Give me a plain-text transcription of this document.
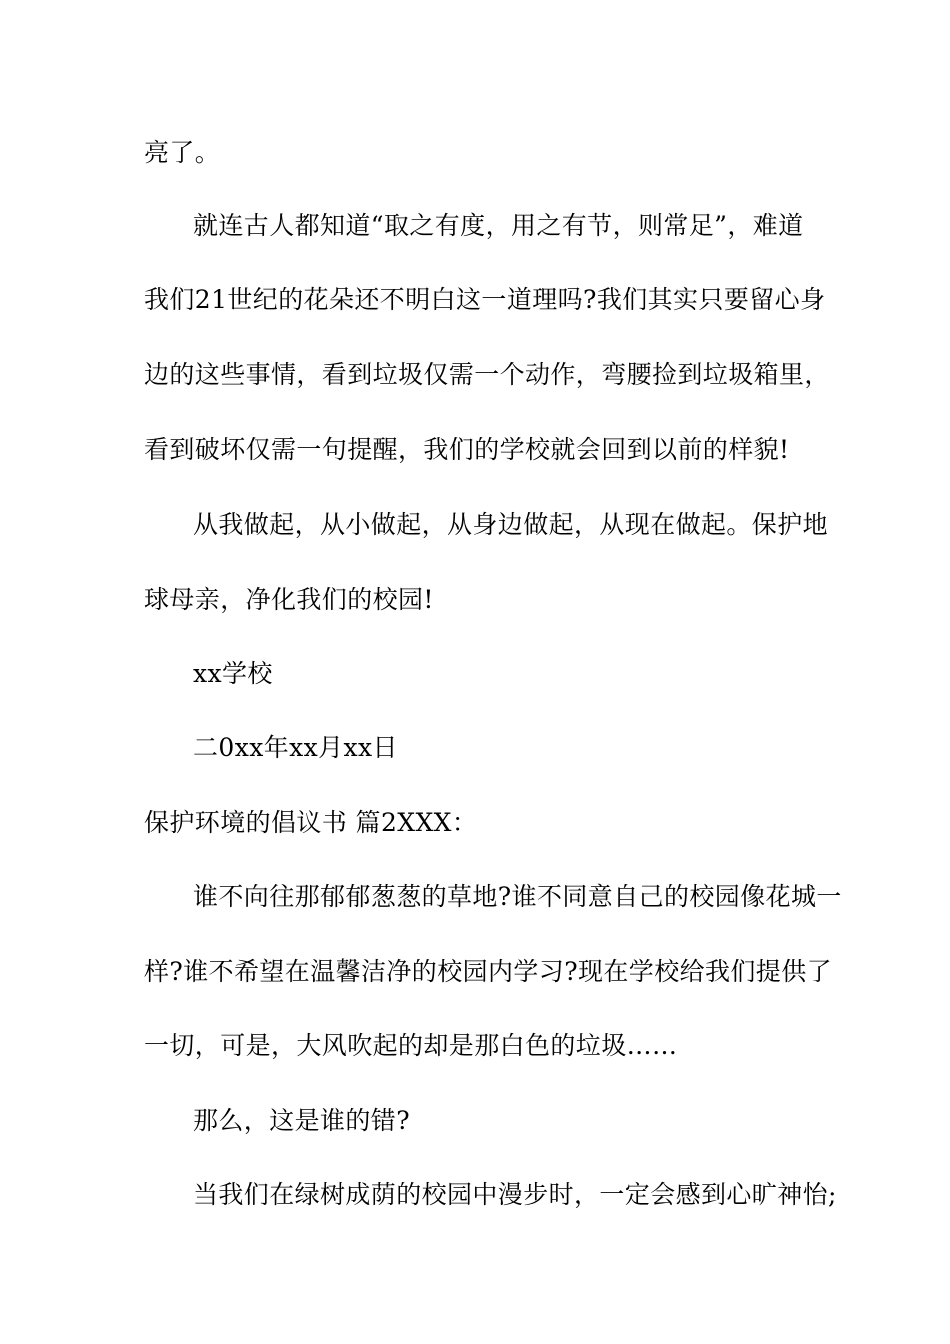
亮了。
就连古人都知道“取之有度，用之有节，则常足”，难道
我们21世纪的花朵还不明白这一道理吗?我们其实只要留心身
边的这些事情，看到垃圾仅需一个动作，弯腰捡到垃圾箱里，
看到破坏仅需一句提醒，我们的学校就会回到以前的样貌!
从我做起，从小做起，从身边做起，从现在做起。保护地
球母亲，净化我们的校园!
xx学校
二0xx年xx月xx日
保护环境的倡议书 篇2XXX：
谁不向往那郁郁葱葱的草地?谁不同意自己的校园像花城一
样?谁不希望在温馨洁净的校园内学习?现在学校给我们提供了
一切，可是，大风吹起的却是那白色的垃圾……
那么，这是谁的错?
当我们在绿树成荫的校园中漫步时，一定会感到心旷神怡;
